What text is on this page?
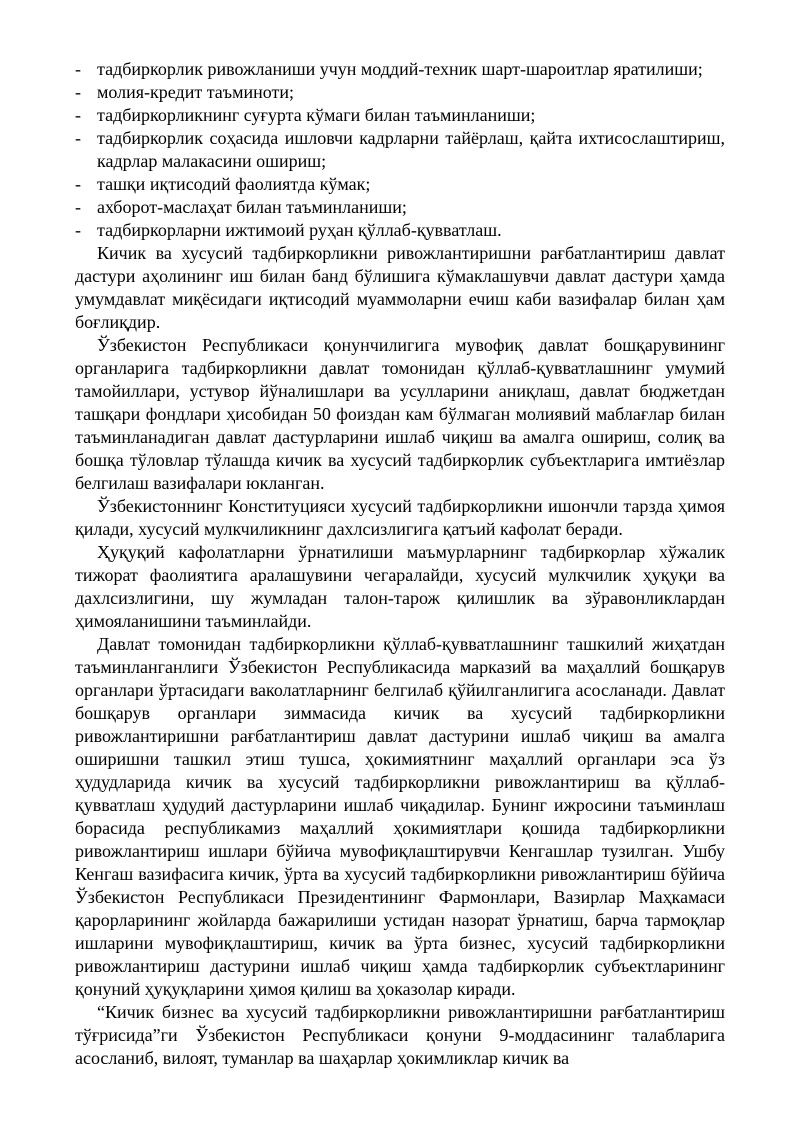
- тадбиркорлик ривожланиши учун моддий-техник шарт-шароитлар яратилиши;
- молия-кредит таъминоти;
- тадбиркорликнинг суғурта кўмаги билан таъминланиши;
- тадбиркорлик соҳасида ишловчи кадрларни тайёрлаш, қайта ихтисослаштириш, кадрлар малакасини ошириш;
- ташқи иқтисодий фаолиятда кўмак;
- ахборот-маслаҳат билан таъминланиши;
- тадбиркорларни ижтимоий руҳан қўллаб-қувватлаш.

Кичик ва хусусий тадбиркорликни ривожлантиришни рағбатлантириш давлат дастури аҳолининг иш билан банд бўлишига кўмаклашувчи давлат дастури ҳамда умумдавлат миқёсидаги иқтисодий муаммоларни ечиш каби вазифалар билан ҳам боғлиқдир.

Ўзбекистон Республикаси қонунчилигига мувофиқ давлат бошқарувининг органларига тадбиркорликни давлат томонидан қўллаб-қувватлашнинг умумий тамойиллари, устувор йўналишлари ва усулларини аниқлаш, давлат бюджетдан ташқари фондлари ҳисобидан 50 фоиздан кам бўлмаган молиявий маблағлар билан таъминланадиган давлат дастурларини ишлаб чиқиш ва амалга ошириш, солиқ ва бошқа тўловлар тўлашда кичик ва хусусий тадбиркорлик субъектларига имтиёзлар белгилаш вазифалари юкланган.

Ўзбекистоннинг Конституцияси хусусий тадбиркорликни ишончли тарзда ҳимоя қилади, хусусий мулкчиликнинг дахлсизлигига қатъий кафолат беради.

Ҳуқуқий кафолатларни ўрнатилиши маъмурларнинг тадбиркорлар хўжалик тижорат фаолиятига аралашувини чегаралайди, хусусий мулкчилик ҳуқуқи ва дахлсизлигини, шу жумладан талон-тарож қилишлик ва зўравонликлардан ҳимояланишини таъминлайди.

Давлат томонидан тадбиркорликни қўллаб-қувватлашнинг ташкилий жиҳатдан таъминланганлиги Ўзбекистон Республикасида марказий ва маҳаллий бошқарув органлари ўртасидаги ваколатларнинг белгилаб қўйилганлигига асосланади. Давлат бошқарув органлари зиммасида кичик ва хусусий тадбиркорликни ривожлантиришни рағбатлантириш давлат дастурини ишлаб чиқиш ва амалга оширишни ташкил этиш тушса, ҳокимиятнинг маҳаллий органлари эса ўз ҳудудларида кичик ва хусусий тадбиркорликни ривожлантириш ва қўллаб-қувватлаш ҳудудий дастурларини ишлаб чиқадилар. Бунинг ижросини таъминлаш борасида республикамиз маҳаллий ҳокимиятлари қошида тадбиркорликни ривожлантириш ишлари бўйича мувофиқлаштирувчи Кенгашлар тузилган. Ушбу Кенгаш вазифасига кичик, ўрта ва хусусий тадбиркорликни ривожлантириш бўйича Ўзбекистон Республикаси Президентининг Фармонлари, Вазирлар Маҳкамаси қарорларининг жойларда бажарилиши устидан назорат ўрнатиш, барча тармоқлар ишларини мувофиқлаштириш, кичик ва ўрта бизнес, хусусий тадбиркорликни ривожлантириш дастурини ишлаб чиқиш ҳамда тадбиркорлик субъектларининг қонуний ҳуқуқларини ҳимоя қилиш ва ҳоказолар киради.

“Кичик бизнес ва хусусий тадбиркорликни ривожлантиришни рағбатлантириш тўғрисида”ги Ўзбекистон Республикаси қонуни 9-моддасининг талабларига асосланиб, вилоят, туманлар ва шаҳарлар ҳокимликлар кичик ва
